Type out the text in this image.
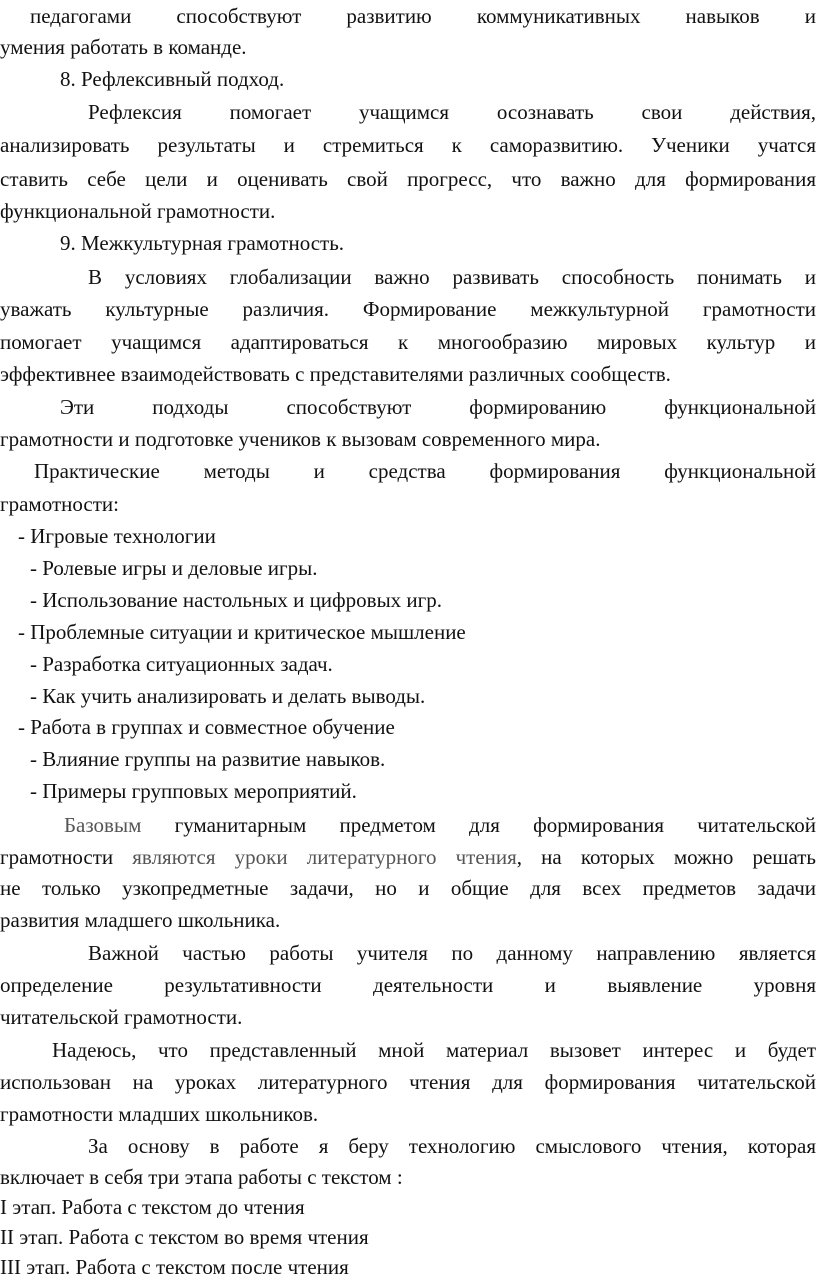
педагогами способствуют развитию коммуникативных навыков и
умения работать в команде.
8. Рефлексивный подход.
Рефлексия помогает учащимся осознавать свои действия,
анализировать результаты и стремиться к саморазвитию. Ученики учатся
ставить себе цели и оценивать свой прогресс, что важно для формирования
функциональной грамотности.
9. Межкультурная грамотность.
В условиях глобализации важно развивать способность понимать и
уважать культурные различия. Формирование межкультурной грамотности
помогает учащимся адаптироваться к многообразию мировых культур и
эффективнее взаимодействовать с представителями различных сообществ.
Эти подходы способствуют формированию функциональной
грамотности и подготовке учеников к вызовам современного мира.
Практические методы и средства формирования функциональной
грамотности:
- Игровые технологии
- Ролевые игры и деловые игры.
- Использование настольных и цифровых игр.
- Проблемные ситуации и критическое мышление
- Разработка ситуационных задач.
- Как учить анализировать и делать выводы.
- Работа в группах и совместное обучение
- Влияние группы на развитие навыков.
- Примеры групповых мероприятий.
Базовым гуманитарным предметом для формирования читательской
грамотности являются уроки литературного чтения, на которых можно решать
не только узкопредметные задачи, но и общие для всех предметов задачи
развития младшего школьника.
Важной частью работы учителя по данному направлению является
определение результативности деятельности и выявление уровня
читательской грамотности.
Надеюсь, что представленный мной материал вызовет интерес и будет
использован на уроках литературного чтения для формирования читательской
грамотности младших школьников.
За основу в работе я беру технологию смыслового чтения, которая
включает в себя три этапа работы с текстом :
I этап. Работа с текстом до чтения
II этап. Работа с текстом во время чтения
III этап. Работа с текстом после чтения
